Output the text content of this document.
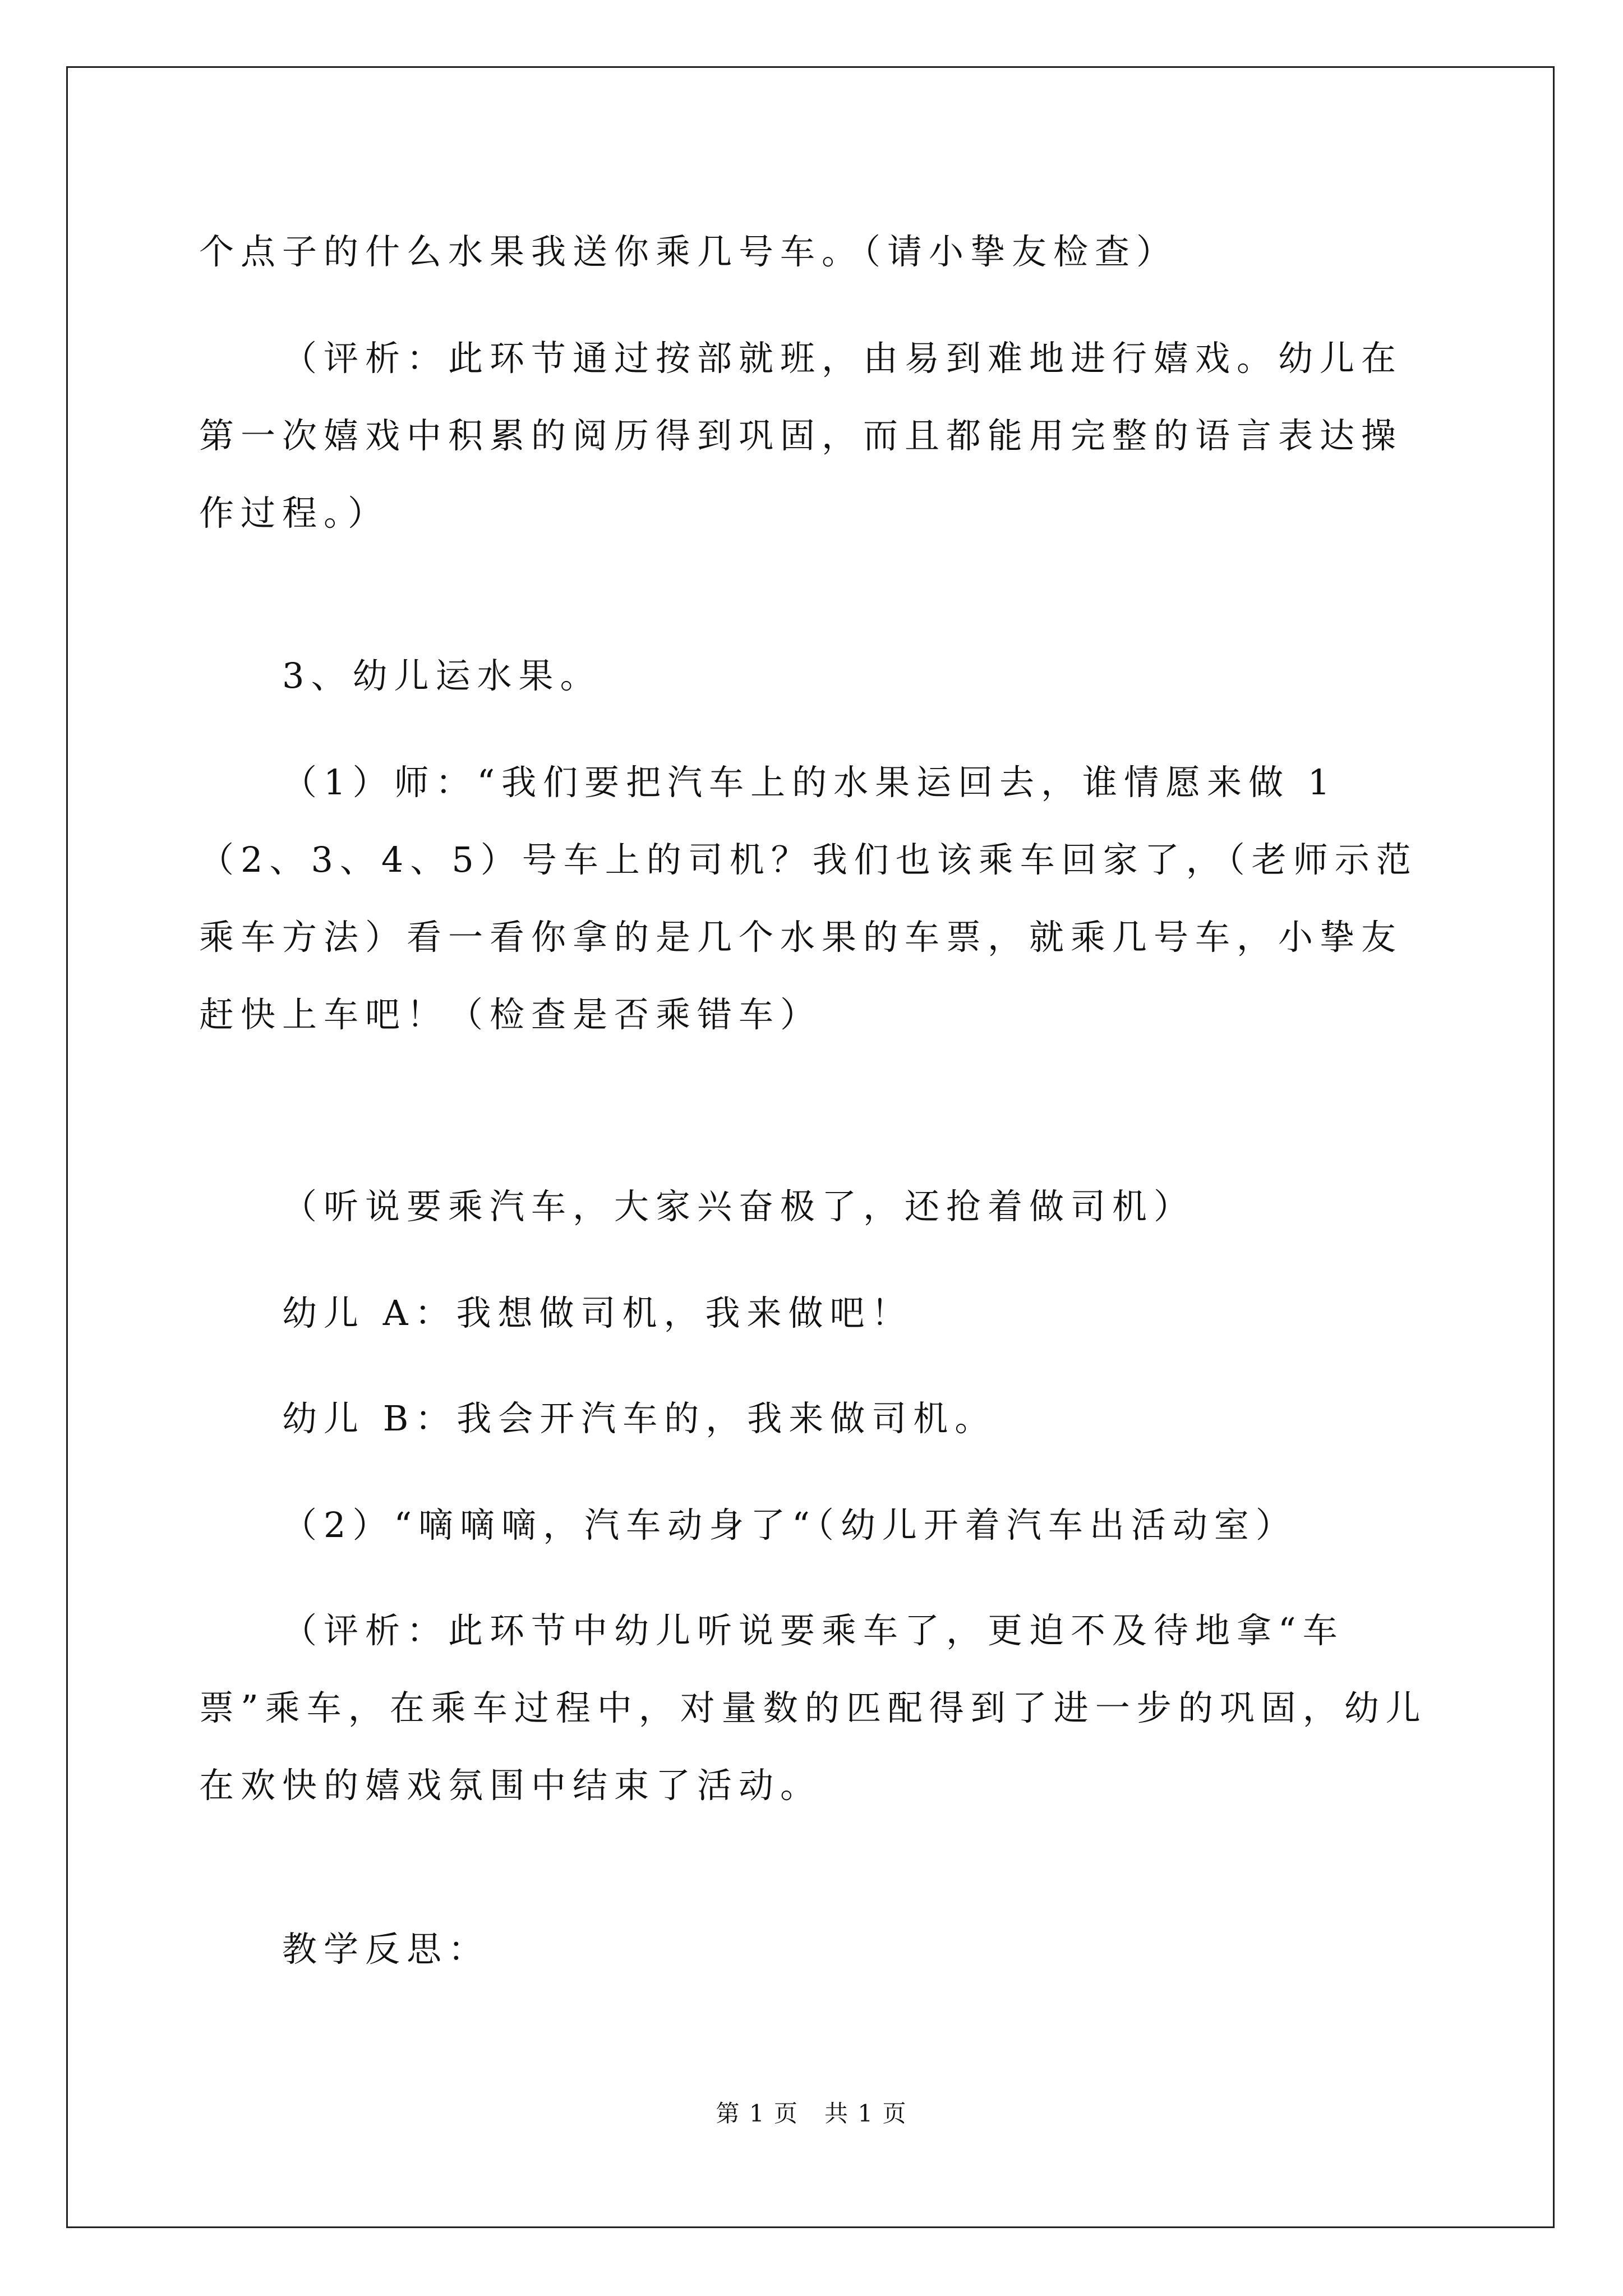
个点子的什么水果我送你乘几号车。（请小挚友检查）

（评析：此环节通过按部就班，由易到难地进行嬉戏。幼儿在第一次嬉戏中积累的阅历得到巩固，而且都能用完整的语言表达操作过程。）

3、幼儿运水果。

（1）师：“我们要把汽车上的水果运回去，谁情愿来做 1（2、3、4、5）号车上的司机？我们也该乘车回家了，（老师示范乘车方法）看一看你拿的是几个水果的车票，就乘几号车，小挚友赶快上车吧！（检查是否乘错车）

（听说要乘汽车，大家兴奋极了，还抢着做司机）

幼儿 A：我想做司机，我来做吧！

幼儿 B：我会开汽车的，我来做司机。

（2）“嘀嘀嘀，汽车动身了“（幼儿开着汽车出活动室）

（评析：此环节中幼儿听说要乘车了，更迫不及待地拿“车票”乘车，在乘车过程中，对量数的匹配得到了进一步的巩固，幼儿在欢快的嬉戏氛围中结束了活动。

教学反思：

第 1 页   共 1 页
